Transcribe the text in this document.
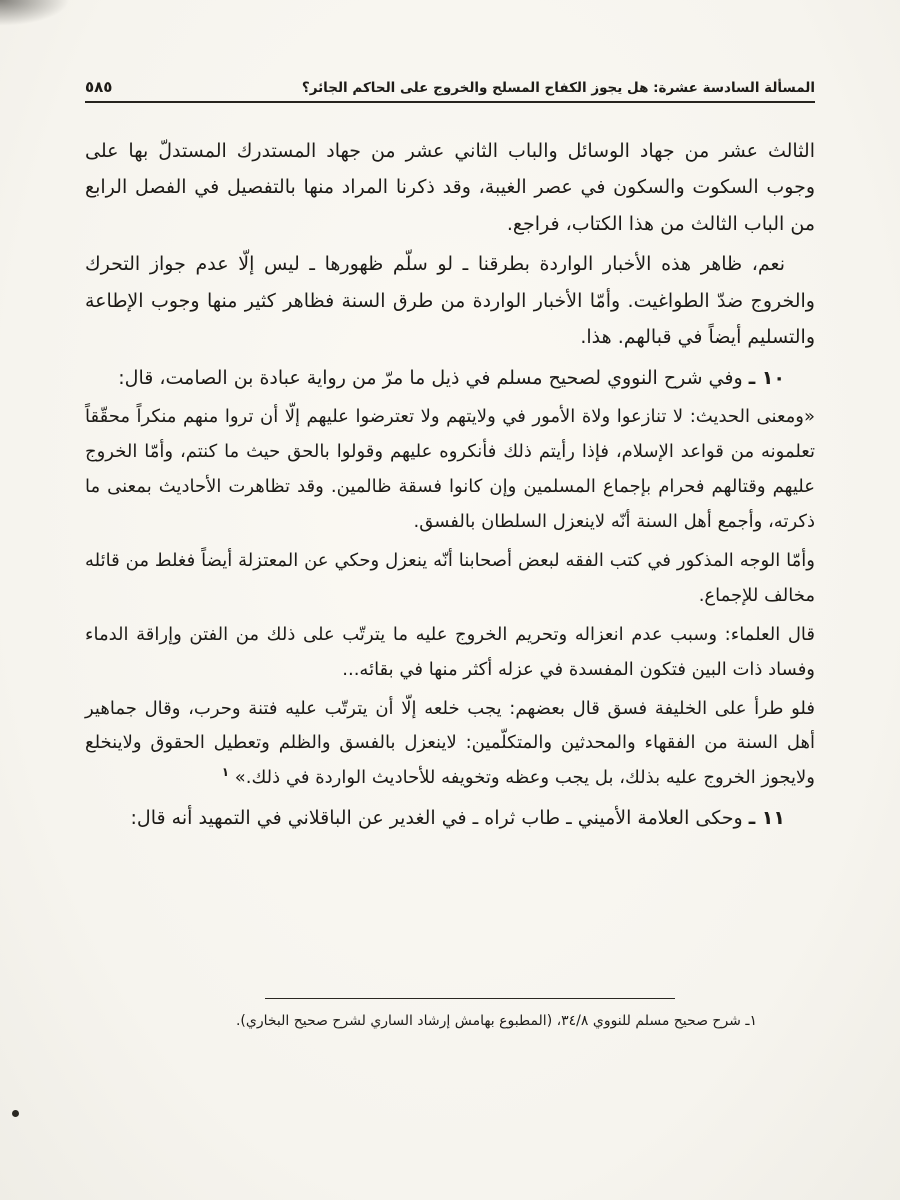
المسألة السادسة عشرة: هل يجوز الكفاح المسلح والخروج على الحاكم الجائر؟
٥٨٥

الثالث عشر من جهاد الوسائل والباب الثاني عشر من جهاد المستدرك المستدلّ بها على وجوب السكوت والسكون في عصر الغيبة، وقد ذكرنا المراد منها بالتفصيل في الفصل الرابع من الباب الثالث من هذا الكتاب، فراجع.

نعم، ظاهر هذه الأخبار الواردة بطرقنا ـ لو سلّم ظهورها ـ ليس إلّا عدم جواز التحرك والخروج ضدّ الطواغيت. وأمّا الأخبار الواردة من طرق السنة فظاهر كثير منها وجوب الإطاعة والتسليم أيضاً في قبالهم. هذا.

١٠ ـ وفي شرح النووي لصحيح مسلم في ذيل ما مرّ من رواية عبادة بن الصامت، قال:

«ومعنى الحديث: لا تنازعوا ولاة الأمور في ولايتهم ولا تعترضوا عليهم إلّا أن تروا منهم منكراً محقّقاً تعلمونه من قواعد الإسلام، فإذا رأيتم ذلك فأنكروه عليهم وقولوا بالحق حيث ما كنتم، وأمّا الخروج عليهم وقتالهم فحرام بإجماع المسلمين وإن كانوا فسقة ظالمين. وقد تظاهرت الأحاديث بمعنى ما ذكرته، وأجمع أهل السنة أنّه لاينعزل السلطان بالفسق.

وأمّا الوجه المذكور في كتب الفقه لبعض أصحابنا أنّه ينعزل وحكي عن المعتزلة أيضاً فغلط من قائله مخالف للإجماع.

قال العلماء: وسبب عدم انعزاله وتحريم الخروج عليه ما يترتّب على ذلك من الفتن وإراقة الدماء وفساد ذات البين فتكون المفسدة في عزله أكثر منها في بقائه...

فلو طرأ على الخليفة فسق قال بعضهم: يجب خلعه إلّا أن يترتّب عليه فتنة وحرب، وقال جماهير أهل السنة من الفقهاء والمحدثين والمتكلّمين: لاينعزل بالفسق والظلم وتعطيل الحقوق ولاينخلع ولايجوز الخروج عليه بذلك، بل يجب وعظه وتخويفه للأحاديث الواردة في ذلك.» $^١$

١١ ـ وحكى العلامة الأميني ـ طاب ثراه ـ في الغدير عن الباقلاني في التمهيد أنه قال:

١ـ شرح صحيح مسلم للنووي ٣٤/٨، (المطبوع بهامش إرشاد الساري لشرح صحيح البخاري).
